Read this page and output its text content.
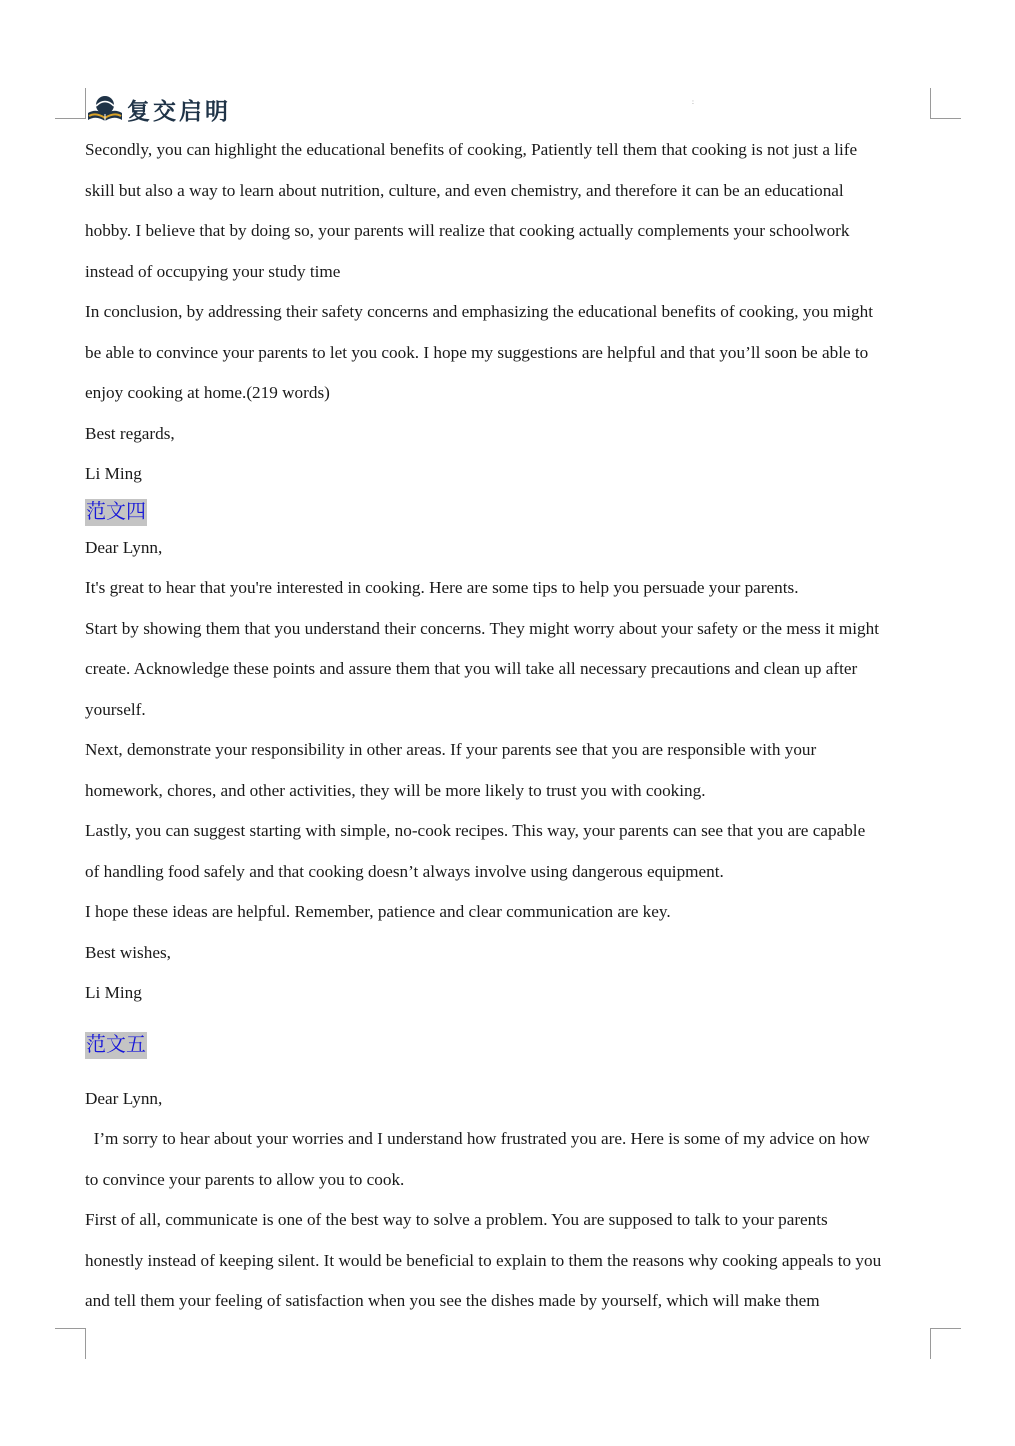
复交启明	:

Secondly, you can highlight the educational benefits of cooking, Patiently tell them that cooking is not just a life

skill but also a way to learn about nutrition, culture, and even chemistry, and therefore it can be an educational

hobby. I believe that by doing so, your parents will realize that cooking actually complements your schoolwork

instead of occupying your study time

In conclusion, by addressing their safety concerns and emphasizing the educational benefits of cooking, you might

be able to convince your parents to let you cook. I hope my suggestions are helpful and that you’ll soon be able to

enjoy cooking at home.(219 words)

Best regards,

Li Ming

范文四

Dear Lynn,

It's great to hear that you're interested in cooking. Here are some tips to help you persuade your parents.

Start by showing them that you understand their concerns. They might worry about your safety or the mess it might

create. Acknowledge these points and assure them that you will take all necessary precautions and clean up after

yourself.

Next, demonstrate your responsibility in other areas. If your parents see that you are responsible with your

homework, chores, and other activities, they will be more likely to trust you with cooking.

Lastly, you can suggest starting with simple, no-cook recipes. This way, your parents can see that you are capable

of handling food safely and that cooking doesn’t always involve using dangerous equipment.

I hope these ideas are helpful. Remember, patience and clear communication are key.

Best wishes,

Li Ming

范文五

Dear Lynn,

I’m sorry to hear about your worries and I understand how frustrated you are. Here is some of my advice on how

to convince your parents to allow you to cook.

First of all, communicate is one of the best way to solve a problem. You are supposed to talk to your parents

honestly instead of keeping silent. It would be beneficial to explain to them the reasons why cooking appeals to you

and tell them your feeling of satisfaction when you see the dishes made by yourself, which will make them
